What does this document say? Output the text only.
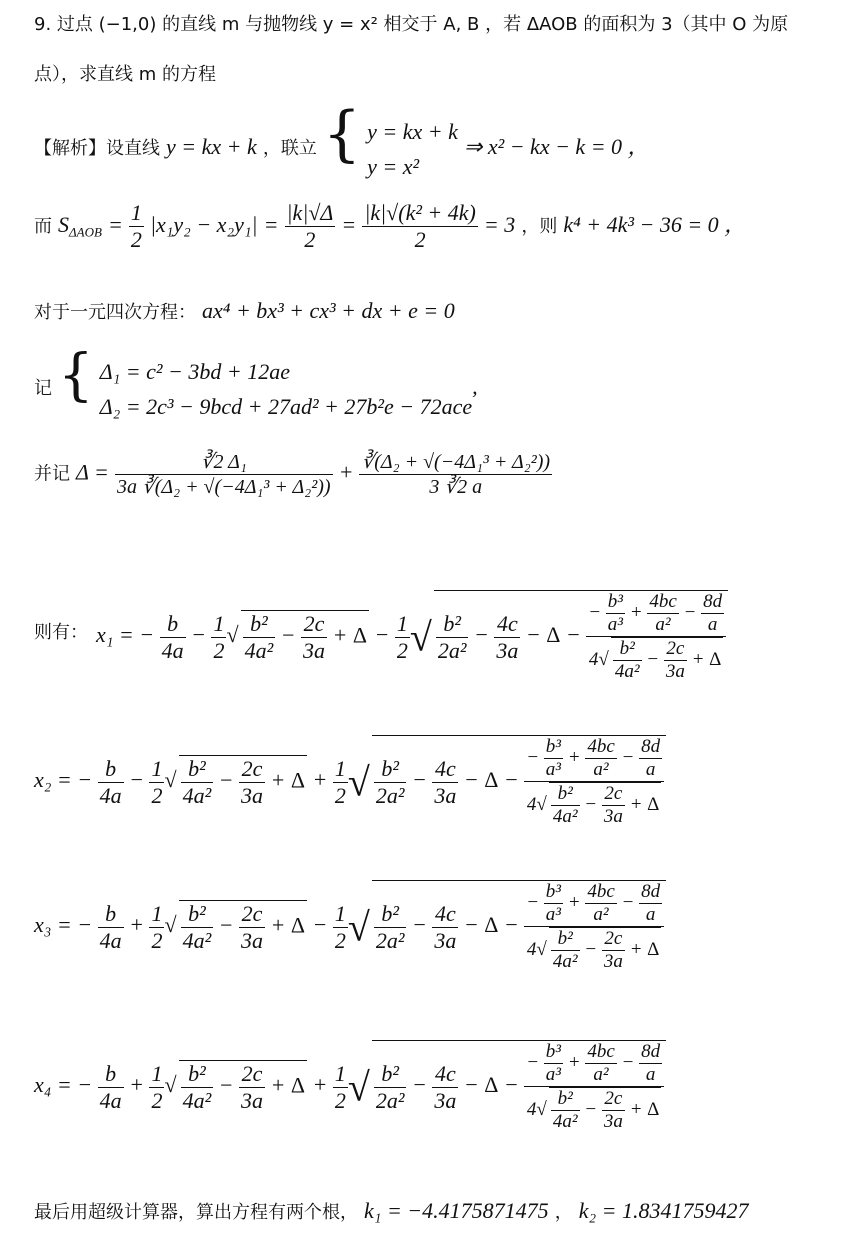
9. 过点 (−1,0) 的直线 m 与抛物线 y = x² 相交于 A, B ，若 ΔAOB 的面积为 3（其中 O 为原
点），求直线 m 的方程
【解析】设直线 y = kx + k ，联立 { y = kx + k
y = x²
⇒ x² − kx − k = 0 ，
而 $S_{\Delta AOB} = \frac{1}{2} |x_1y_2 - x_2y_1| = \frac{|k|√\Delta}{2} = \frac{\text{|k|√(k² + 4k)}}{2} = 3$ ，则 k⁴ + 4k³ − 36 = 0 ，
对于一元四次方程： ax⁴ + bx³ + cx³ + dx + e = 0
记 { Δ₁ = c² − 3bd + 12ae
Δ₂ = 2c³ − 9bcd + 27ad² + 27b²e − 72ace
,
并记 $\Delta = \frac{\text{∛2 Δ₁}}{\text{3a ∛(Δ₂ + √(−4Δ₁³ + Δ₂²))}} + \frac{\text{∛(Δ₂ + √(−4Δ₁³ + Δ₂²))}}{3 ∛2 a}$
则有： x₁ = − $\frac{b}{4a} - \frac{1}{2}$ √ $\frac{\text{b²}}{\text{4a²}} - \frac{2c}{3a} + \Delta - \frac{1}{2}$ √ $\frac{\text{b²}}{\text{2a²}} - \frac{4c}{3a} - \Delta - \frac{- \frac{\text{b³}}{\text{a³}} + \frac{4bc}{\text{a²}} - \frac{8d}{a}}{4√ \frac{\text{b²}}{\text{4a²}} - \frac{2c}{3a} + \Delta}$
x₂ = − $\frac{b}{4a} - \frac{1}{2}$ √ $\frac{\text{b²}}{\text{4a²}} - \frac{2c}{3a} + \Delta + \frac{1}{2}$ √ $\frac{\text{b²}}{\text{2a²}} - \frac{4c}{3a} - \Delta - \frac{- \frac{\text{b³}}{\text{a³}} + \frac{4bc}{\text{a²}} - \frac{8d}{a}}{4√ \frac{\text{b²}}{\text{4a²}} - \frac{2c}{3a} + \Delta}$
x₃ = − $\frac{b}{4a} + \frac{1}{2}$ √ $\frac{\text{b²}}{\text{4a²}} - \frac{2c}{3a} + \Delta - \frac{1}{2}$ √ $\frac{\text{b²}}{\text{2a²}} - \frac{4c}{3a} - \Delta - \frac{- \frac{\text{b³}}{\text{a³}} + \frac{4bc}{\text{a²}} - \frac{8d}{a}}{4√ \frac{\text{b²}}{\text{4a²}} - \frac{2c}{3a} + \Delta}$
x₄ = − $\frac{b}{4a} + \frac{1}{2}$ √ $\frac{\text{b²}}{\text{4a²}} - \frac{2c}{3a} + \Delta + \frac{1}{2}$ √ $\frac{\text{b²}}{\text{2a²}} - \frac{4c}{3a} - \Delta - \frac{- \frac{\text{b³}}{\text{a³}} + \frac{4bc}{\text{a²}} - \frac{8d}{a}}{4√ \frac{\text{b²}}{\text{4a²}} - \frac{2c}{3a} + \Delta}$
最后用超级计算器，算出方程有两个根， k₁ = −4.4175871475 ， k₂ = 1.8341759427
